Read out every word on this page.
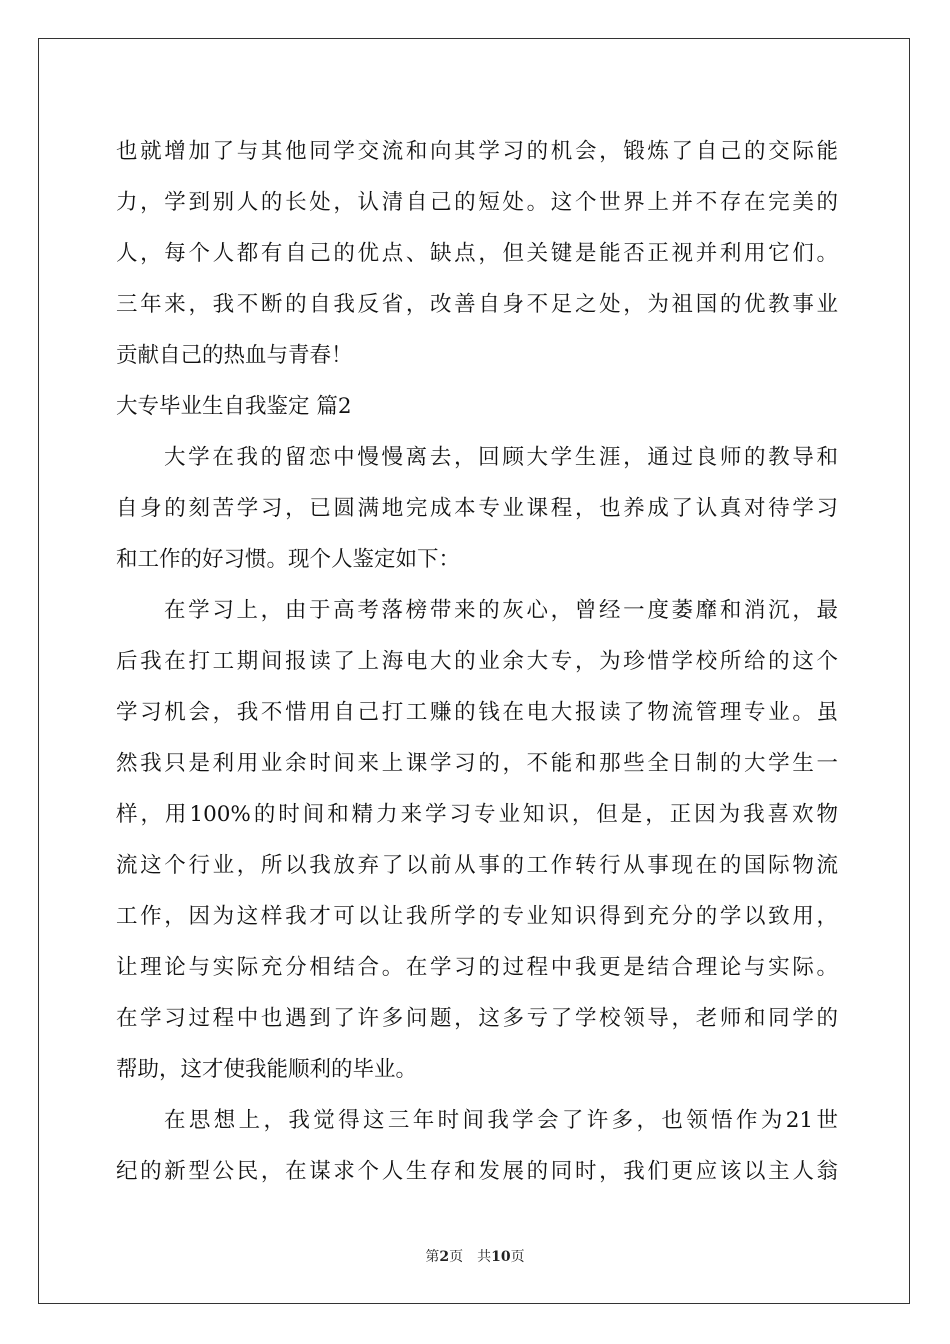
也就增加了与其他同学交流和向其学习的机会，锻炼了自己的交际能
力，学到别人的长处，认清自己的短处。这个世界上并不存在完美的
人，每个人都有自己的优点、缺点，但关键是能否正视并利用它们。
三年来，我不断的自我反省，改善自身不足之处，为祖国的优教事业
贡献自己的热血与青春！
大专毕业生自我鉴定 篇2
大学在我的留恋中慢慢离去，回顾大学生涯，通过良师的教导和
自身的刻苦学习，已圆满地完成本专业课程，也养成了认真对待学习
和工作的好习惯。现个人鉴定如下：
在学习上，由于高考落榜带来的灰心，曾经一度萎靡和消沉，最
后我在打工期间报读了上海电大的业余大专，为珍惜学校所给的这个
学习机会，我不惜用自己打工赚的钱在电大报读了物流管理专业。虽
然我只是利用业余时间来上课学习的，不能和那些全日制的大学生一
样，用100%的时间和精力来学习专业知识，但是，正因为我喜欢物
流这个行业，所以我放弃了以前从事的工作转行从事现在的国际物流
工作，因为这样我才可以让我所学的专业知识得到充分的学以致用，
让理论与实际充分相结合。在学习的过程中我更是结合理论与实际。
在学习过程中也遇到了许多问题，这多亏了学校领导，老师和同学的
帮助，这才使我能顺利的毕业。
在思想上，我觉得这三年时间我学会了许多，也领悟作为21世
纪的新型公民，在谋求个人生存和发展的同时，我们更应该以主人翁
第2页 共10页
